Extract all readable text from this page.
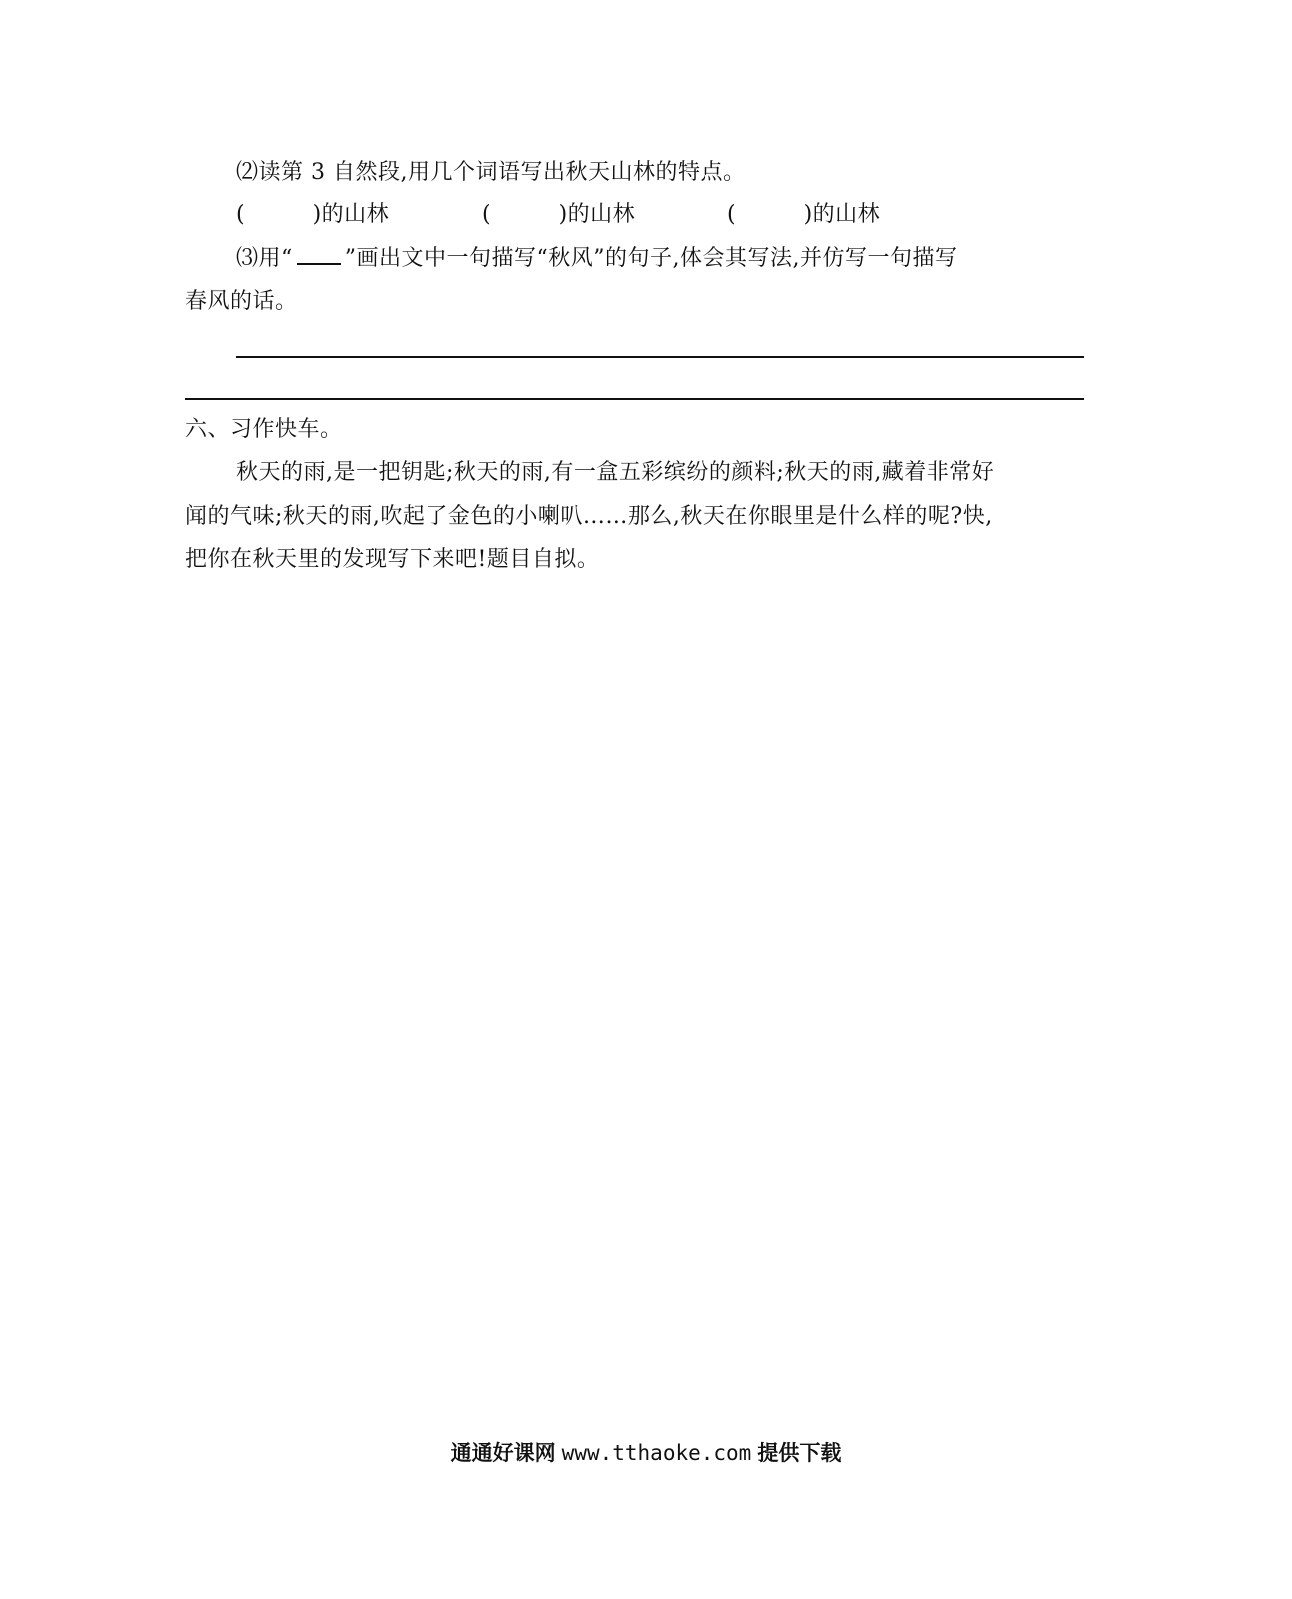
⑵读第 3 自然段,用几个词语写出秋天山林的特点。
(　　　)的山林	(　　　)的山林	(　　　)的山林
⑶用“ ”画出文中一句描写“秋风”的句子,体会其写法,并仿写一句描写
春风的话。
六、习作快车。
秋天的雨,是一把钥匙;秋天的雨,有一盒五彩缤纷的颜料;秋天的雨,藏着非常好
闻的气味;秋天的雨,吹起了金色的小喇叭……那么,秋天在你眼里是什么样的呢?快,
把你在秋天里的发现写下来吧!题目自拟。
通通好课网 www.tthaoke.com 提供下载
